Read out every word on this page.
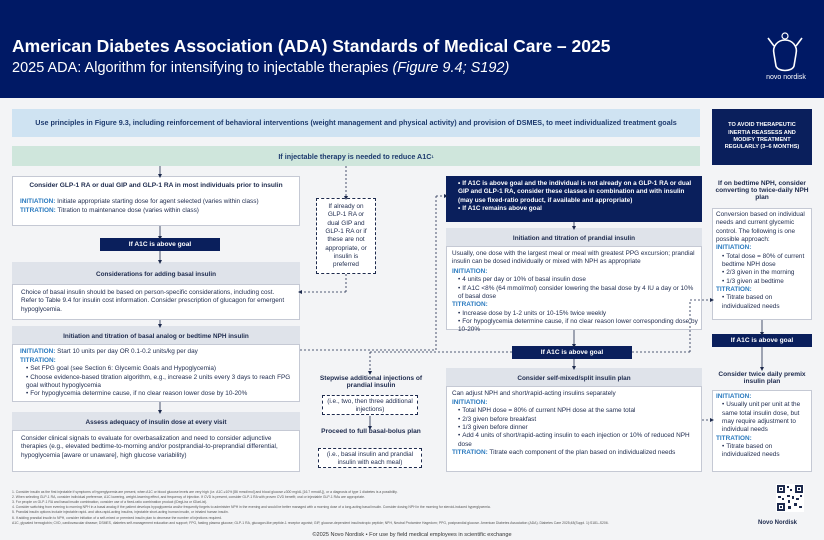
American Diabetes Association (ADA) Standards of Medical Care – 2025
2025 ADA: Algorithm for intensifying to injectable therapies (Figure 9.4; S192)
novo nordisk
Use principles in Figure 9.3, including reinforcement of behavioral interventions (weight management and physical activity) and provision of DSMES, to meet individualized treatment goals	TO AVOID THERAPEUTIC INERTIA REASSESS AND MODIFY TREATMENT REGULARLY (3–6 MONTHS)
If injectable therapy is needed to reduce A1C 1
Consider GLP-1 RA or dual GIP and GLP-1 RA in most individuals prior to insulin
INITIATION: Initiate appropriate starting dose for agent selected (varies within class)
TITRATION: Titration to maintenance dose (varies within class)
If A1C is above goal
Considerations for adding basal insulin
Choice of basal insulin should be based on person-specific considerations, including cost. Refer to Table 9.4 for insulin cost information. Consider prescription of glucagon for emergent hypoglycemia.
Initiation and titration of basal analog or bedtime NPH insulin
INITIATION: Start 10 units per day OR 0.1-0.2 units/kg per day
TITRATION:
• Set FPG goal (see Section 6: Glycemic Goals and Hypoglycemia)
• Choose evidence-based titration algorithm, e.g., increase 2 units every 3 days to reach FPG goal without hypoglycemia
• For hypoglycemia determine cause, if no clear reason lower dose by 10-20%
Assess adequacy of insulin dose at every visit
Consider clinical signals to evaluate for overbasalization and need to consider adjunctive therapies (e.g., elevated bedtime-to-morning and/or postprandial-to-preprandial differential, hypoglycemia [aware or unaware], high glucose variability)
If already on GLP-1 RA or dual GIP and GLP-1 RA or if these are not appropriate, or insulin is preferred
• If A1C is above goal and the individual is not already on a GLP-1 RA or dual GIP and GLP-1 RA, consider these classes in combination and with insulin (may use fixed-ratio product, if available and appropriate)
• If A1C remains above goal
Initiation and titration of prandial insulin
Usually, one dose with the largest meal or meal with greatest PPG excursion; prandial insulin can be dosed individually or mixed with NPH as appropriate
INITIATION:
• 4 units per day or 10% of basal insulin dose
• If A1C <8% (64 mmol/mol) consider lowering the basal dose by 4 IU a day or 10% of basal dose
TITRATION:
• Increase dose by 1-2 units or 10-15% twice weekly
• For hypoglycemia determine cause, if no clear reason lower corresponding dose by 10-20%
If A1C is above goal
Stepwise additional injections of prandial insulin
(i.e., two, then three additional injections)
Proceed to full basal-bolus plan
(i.e., basal insulin and prandial insulin with each meal)
Consider self-mixed/split insulin plan
Can adjust NPH and short/rapid-acting insulins separately
INITIATION:
• Total NPH dose = 80% of current NPH dose at the same total
• 2/3 given before breakfast
• 1/3 given before dinner
• Add 4 units of short/rapid-acting insulin to each injection or 10% of reduced NPH dose
TITRATION: Titrate each component of the plan based on individualized needs
If on bedtime NPH, consider converting to twice-daily NPH plan
Conversion based on individual needs and current glycemic control. The following is one possible approach:
INITIATION:
• Total dose = 80% of current bedtime NPH dose
• 2/3 given in the morning
• 1/3 given at bedtime
TITRATION:
• Titrate based on individualized needs
If A1C is above goal
Consider twice daily premix insulin plan
INITIATION:
• Usually unit per unit at the same total insulin dose, but may require adjustment to individual needs
TITRATION:
• Titrate based on individualized needs
1. Consider insulin as the first injectable if symptoms of hyperglycemia are present, when A1C or blood glucose levels are very high (i.e. A1C ≥10% [86 mmol/mol] and blood glucose ≥300 mg/dL [16.7 mmol/L]), or a diagnosis of type 1 diabetes is a possibility.
2. When selecting GLP-1 RA, consider individual preference, A1C lowering, weight-lowering effect, and frequency of injection. If CVD is present, consider GLP-1 RA with proven CVD benefit; oral or injectable GLP-1 RAs are appropriate.
3. For people on GLP-1 RA and basal insulin combination, consider use of a fixed-ratio combination product (iDegLira or iGlarLixi).
4. Consider switching from evening to morning NPH in a basal analog if the patient develops hypoglycemia and/or frequently forgets to administer NPH in the evening and would be better managed with a morning dose of a long-acting basal insulin. Consider dosing NPH in the morning for steroid-induced hyperglycemia.
5. Prandial insulin options include injectable rapid- and ultra-rapid-acting insulins, injectable short-acting human insulin, or inhaled human insulin.
6. If adding prandial insulin to NPH, consider initiation of a self-mixed or premixed insulin plan to decrease the number of injections required.
A1C, glycated hemoglobin; CVD, cardiovascular disease; DSMES, diabetes self-management education and support; FPG, fasting plasma glucose; GLP-1 RA, glucagon-like peptide-1 receptor agonist; GIP, glucose-dependent insulinotropic peptide; NPH, Neutral Protamine Hagedorn; PPG, postprandial glucose. American Diabetes Association (ADA). Diabetes Care 2025;48(Suppl. 1):S181–S206.	Novo Nordisk
©2025 Novo Nordisk • For use by field medical employees in scientific exchange
